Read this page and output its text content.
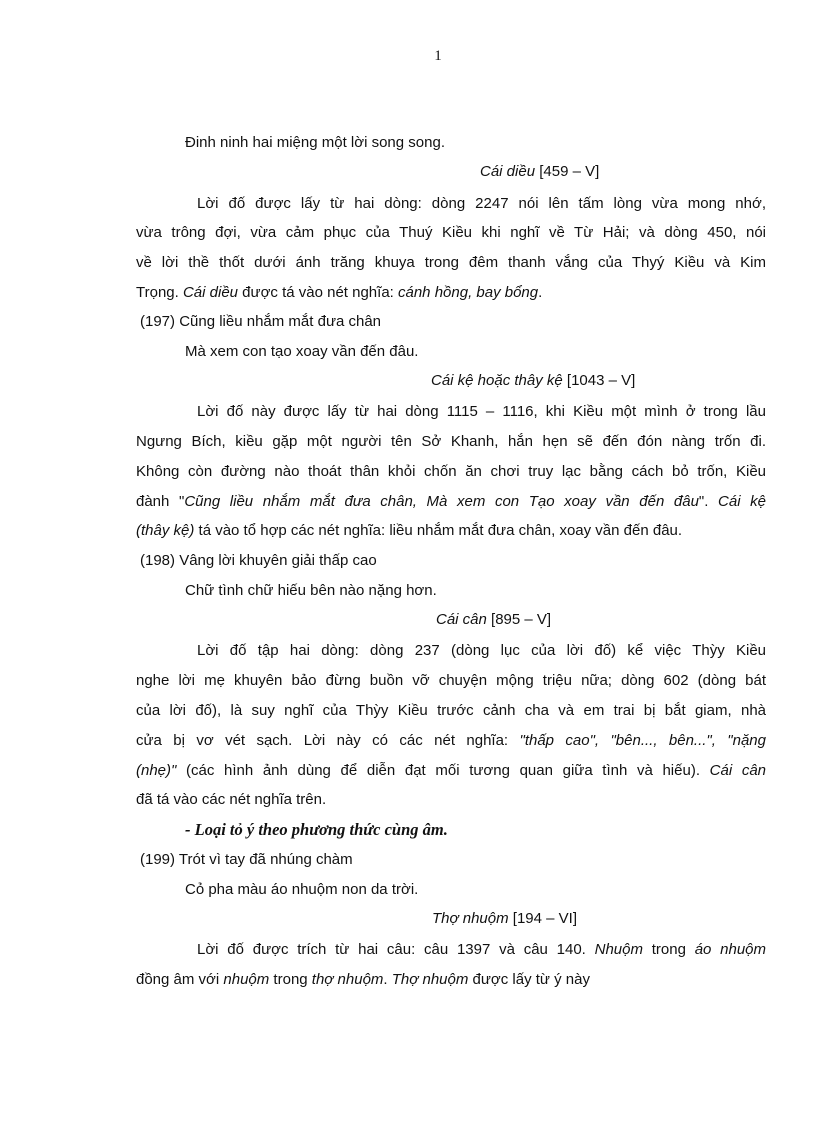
1
Đinh ninh hai miệng một lời song song.
Cái diều [459 – V]
Lời đố được lấy từ hai dòng: dòng 2247 nói lên tấm lòng vừa mong nhớ,
vừa trông đợi, vừa cảm phục của Thuý Kiều khi nghĩ về Từ Hải; và dòng 450, nói
về lời thề thốt dưới ánh trăng khuya trong đêm thanh vắng của Thyý Kiều và Kim
Trọng. Cái diều được tá vào nét nghĩa: cánh hồng, bay bổng.
(197) Cũng liều nhắm mắt đưa chân
Mà xem con tạo xoay vần đến đâu.
Cái kệ hoặc thây kệ [1043 – V]
Lời đố này được lấy từ hai dòng 1115 – 1116, khi Kiều một mình ở trong lầu
Ngưng Bích, kiều gặp một người tên Sở Khanh, hắn hẹn sẽ đến đón nàng trốn đi.
Không còn đường nào thoát thân khỏi chốn ăn chơi truy lạc bằng cách bỏ trốn, Kiều
đành "Cũng liều nhắm mắt đưa chân, Mà xem con Tạo xoay vần đến đâu". Cái kệ
(thây kệ) tá vào tổ hợp các nét nghĩa: liều nhắm mắt đưa chân, xoay vần đến đâu.
(198) Vâng lời khuyên giải thấp cao
Chữ tình chữ hiếu bên nào nặng hơn.
Cái cân [895 – V]
Lời đố tập hai dòng: dòng 237 (dòng lục của lời đố) kể việc Thỳy Kiều
nghe lời mẹ khuyên bảo đừng buồn vỡ chuyện mộng triệu nữa; dòng 602 (dòng bát
của lời đố), là suy nghĩ của Thỳy Kiều trước cảnh cha và em trai bị bắt giam, nhà
cửa bị vơ vét sạch. Lời này có các nét nghĩa: "thấp cao", "bên..., bên...", "nặng
(nhẹ)" (các hình ảnh dùng để diễn đạt mối tương quan giữa tình và hiếu). Cái cân
đã tá vào các nét nghĩa trên.
- Loại tỏ ý theo phương thức cùng âm.
(199) Trót vì tay đã nhúng chàm
Cỏ pha màu áo nhuộm non da trời.
Thợ nhuộm [194 – VI]
Lời đố được trích từ hai câu: câu 1397 và câu 140. Nhuộm trong áo nhuộm
đồng âm với nhuộm trong thợ nhuộm. Thợ nhuộm được lấy từ ý này
